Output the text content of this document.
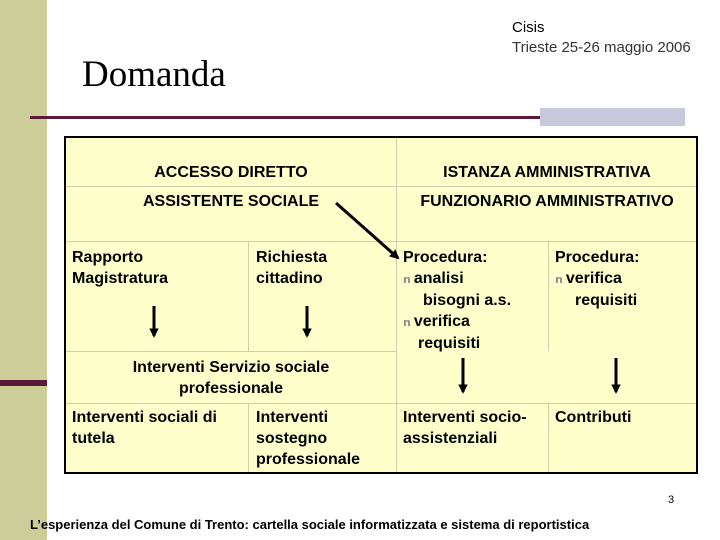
Domanda
Cisis
Trieste 25-26 maggio 2006
ACCESSO DIRETTO
ASSISTENTE SOCIALE
Rapporto
Magistratura
Richiesta
cittadino
Interventi Servizio sociale
professionale
Interventi sociali di
tutela
Interventi
sostegno
professionale
ISTANZA AMMINISTRATIVA
FUNZIONARIO AMMINISTRATIVO
Procedura:
n analisi
bisogni a.s.
n verifica
requisiti
Procedura:
n verifica
requisiti
Interventi socio-
assistenziali
Contributi
3
L’esperienza del Comune di Trento: cartella sociale informatizzata e sistema di reportistica
